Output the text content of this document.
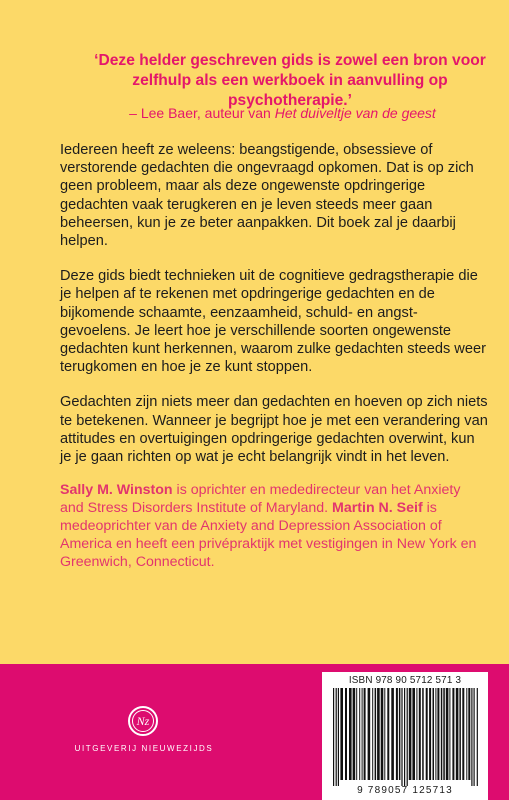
‘Deze helder geschreven gids is zowel een bron voor zelfhulp als een werkboek in aanvulling op psychotherapie.’
– Lee Baer, auteur van Het duiveltje van de geest

Iedereen heeft ze weleens: beangstigende, obsessieve of verstorende gedachten die ongevraagd opkomen. Dat is op zich geen probleem, maar als deze ongewenste opdringerige gedachten vaak terugkeren en je leven steeds meer gaan beheersen, kun je ze beter aanpakken. Dit boek zal je daarbij helpen.

Deze gids biedt technieken uit de cognitieve gedragstherapie die je helpen af te rekenen met opdringerige gedachten en de bijkomende schaamte, eenzaamheid, schuld- en angst-gevoelens. Je leert hoe je verschillende soorten ongewenste gedachten kunt herkennen, waarom zulke gedachten steeds weer terugkomen en hoe je ze kunt stoppen.

Gedachten zijn niets meer dan gedachten en hoeven op zich niets te betekenen. Wanneer je begrijpt hoe je met een verandering van attitudes en overtuigingen opdringerige gedachten overwint, kun je je gaan richten op wat je echt belangrijk vindt in het leven.

Sally M. Winston is oprichter en mededirecteur van het Anxiety and Stress Disorders Institute of Maryland. Martin N. Seif is medeoprichter van de Anxiety and Depression Association of America en heeft een privépraktijk met vestigingen in New York en Greenwich, Connecticut.
Nz
UITGEVERIJ NIEUWEZIJDS
ISBN 978 90 5712 571 3
9 789057 125713
